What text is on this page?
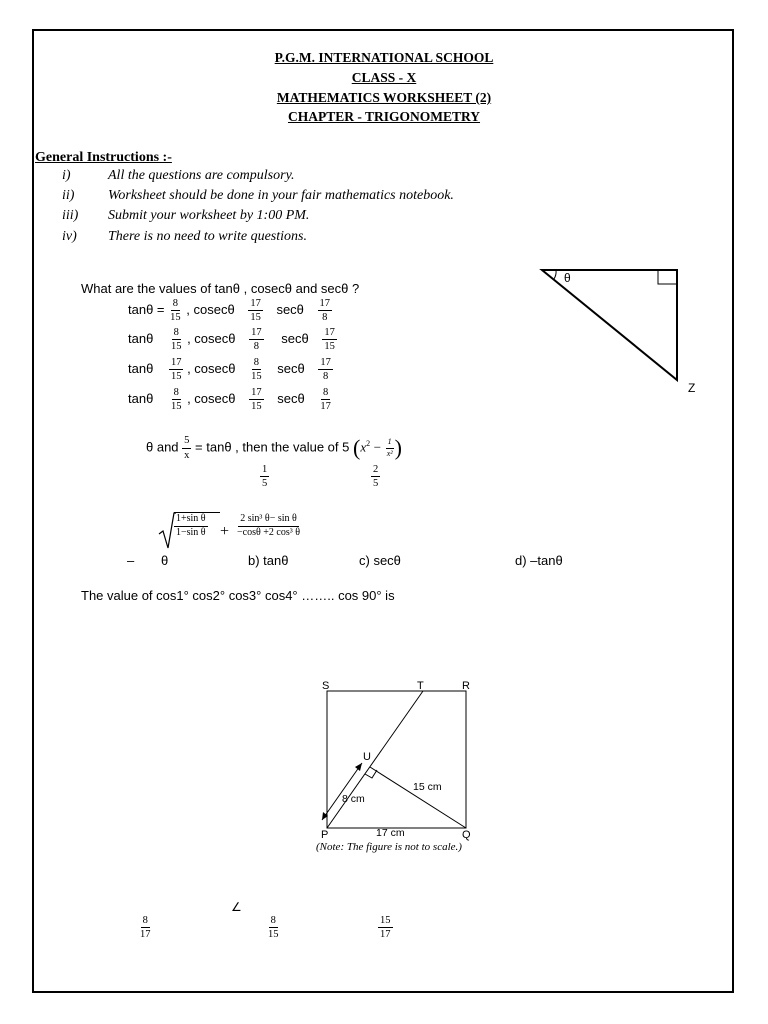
P.G.M. INTERNATIONAL SCHOOL
CLASS - X
MATHEMATICS WORKSHEET (2)
CHAPTER - TRIGONOMETRY
General Instructions :-
i)	All the questions are compulsory.
ii) Worksheet should be done in your fair mathematics notebook.
iii) Submit your worksheet by 1:00 PM.
iv) There is no need to write questions.
What are the values of tanθ , cosecθ and secθ ?
$\tan\theta = \frac{8}{15}$ , cosecθ $\frac{17}{15}$ secθ $\frac{17}{8}$
tanθ $\frac{8}{15}$ , cosecθ $\frac{17}{8}$ secθ $\frac{17}{15}$
tanθ $\frac{17}{15}$ , cosecθ $\frac{8}{15}$ secθ $\frac{17}{8}$
tanθ $\frac{8}{15}$ , cosecθ $\frac{17}{15}$ secθ $\frac{8}{17}$
θ
Z
θ and $\frac{5}{x} = \tan\theta$ , then the value of 5 ($x^2 - \frac{1}{\text{x²}}$ )
$\frac{1}{5}$	$\frac{2}{5}$
$\frac{\text{1+sin θ}}{\text{1−sin θ}} + \frac{\text{2 sin³ θ− sin θ}}{\text{−cosθ +2 cos³ θ}}$
– θ	b) tanθ	c) secθ	d) –tanθ
The value of cos1° cos2° cos3° cos4° …….. cos 90° is
S	T	R
U
P	Q
8 cm
15 cm
17 cm
(Note: The figure is not to scale.)
∠
$\frac{8}{17}$	$\frac{8}{15}$	$\frac{15}{17}$
